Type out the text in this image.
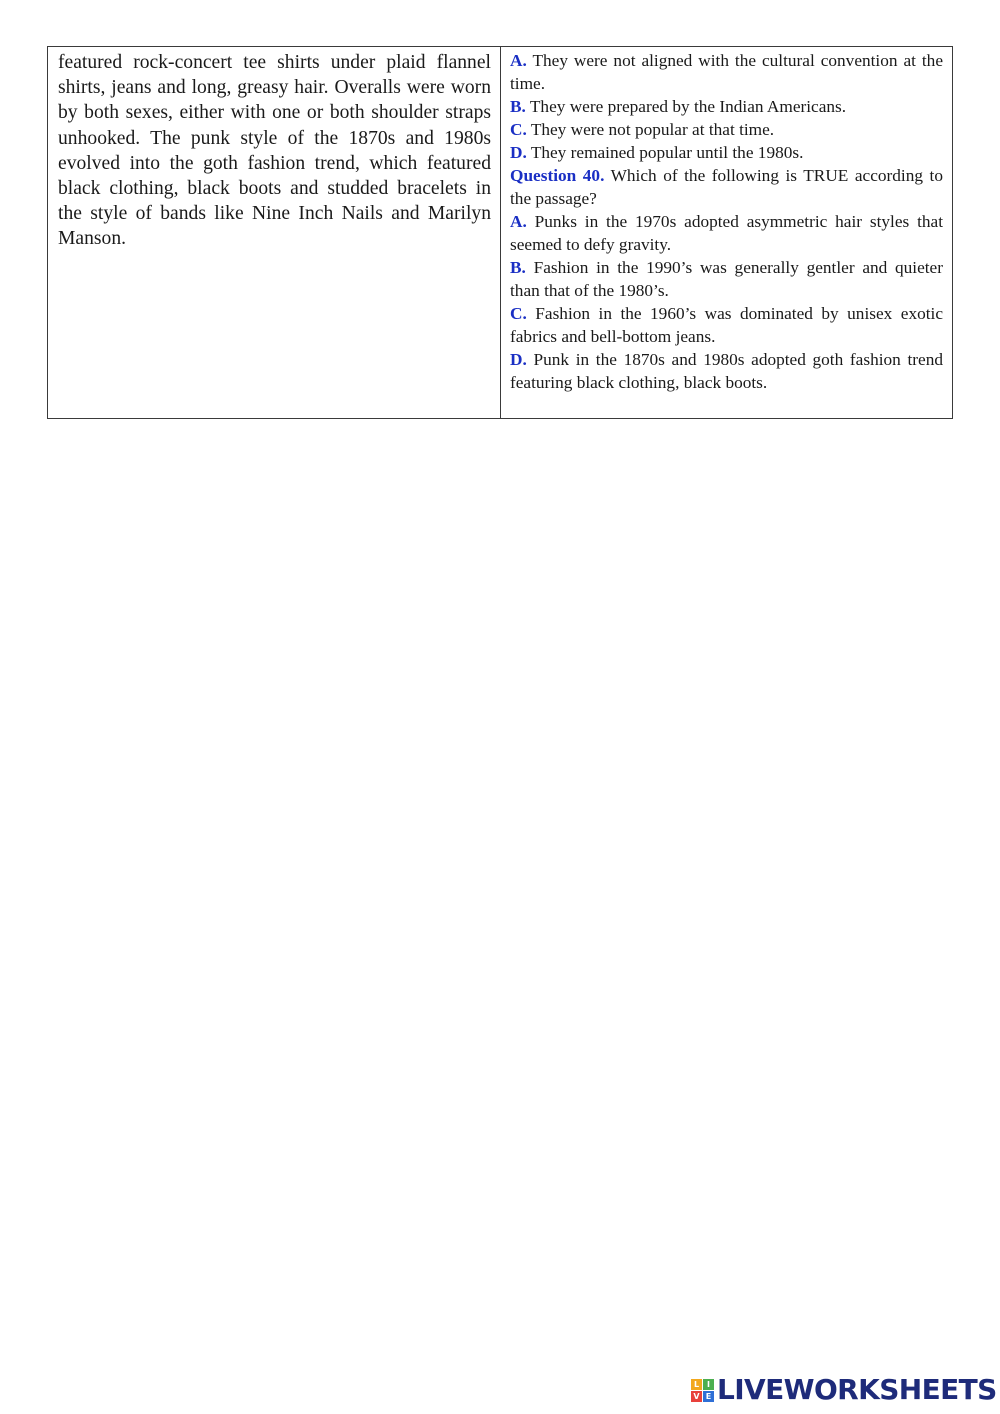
featured rock-concert tee shirts under plaid flannel shirts, jeans and long, greasy hair. Overalls were worn by both sexes, either with one or both shoulder straps unhooked. The punk style of the 1870s and 1980s evolved into the goth fashion trend, which featured black clothing, black boots and studded bracelets in the style of bands like Nine Inch Nails and Marilyn Manson.

A. They were not aligned with the cultural convention at the time.

B. They were prepared by the Indian Americans.

C. They were not popular at that time.

D. They remained popular until the 1980s.

Question 40. Which of the following is TRUE according to the passage?

A. Punks in the 1970s adopted asymmetric hair styles that seemed to defy gravity.

B. Fashion in the 1990’s was generally gentler and quieter than that of the 1980’s.

C. Fashion in the 1960’s was dominated by unisex exotic fabrics and bell-bottom jeans.

D. Punk in the 1870s and 1980s adopted goth fashion trend featuring black clothing, black boots.

L I
V E LIVEWORKSHEETS
